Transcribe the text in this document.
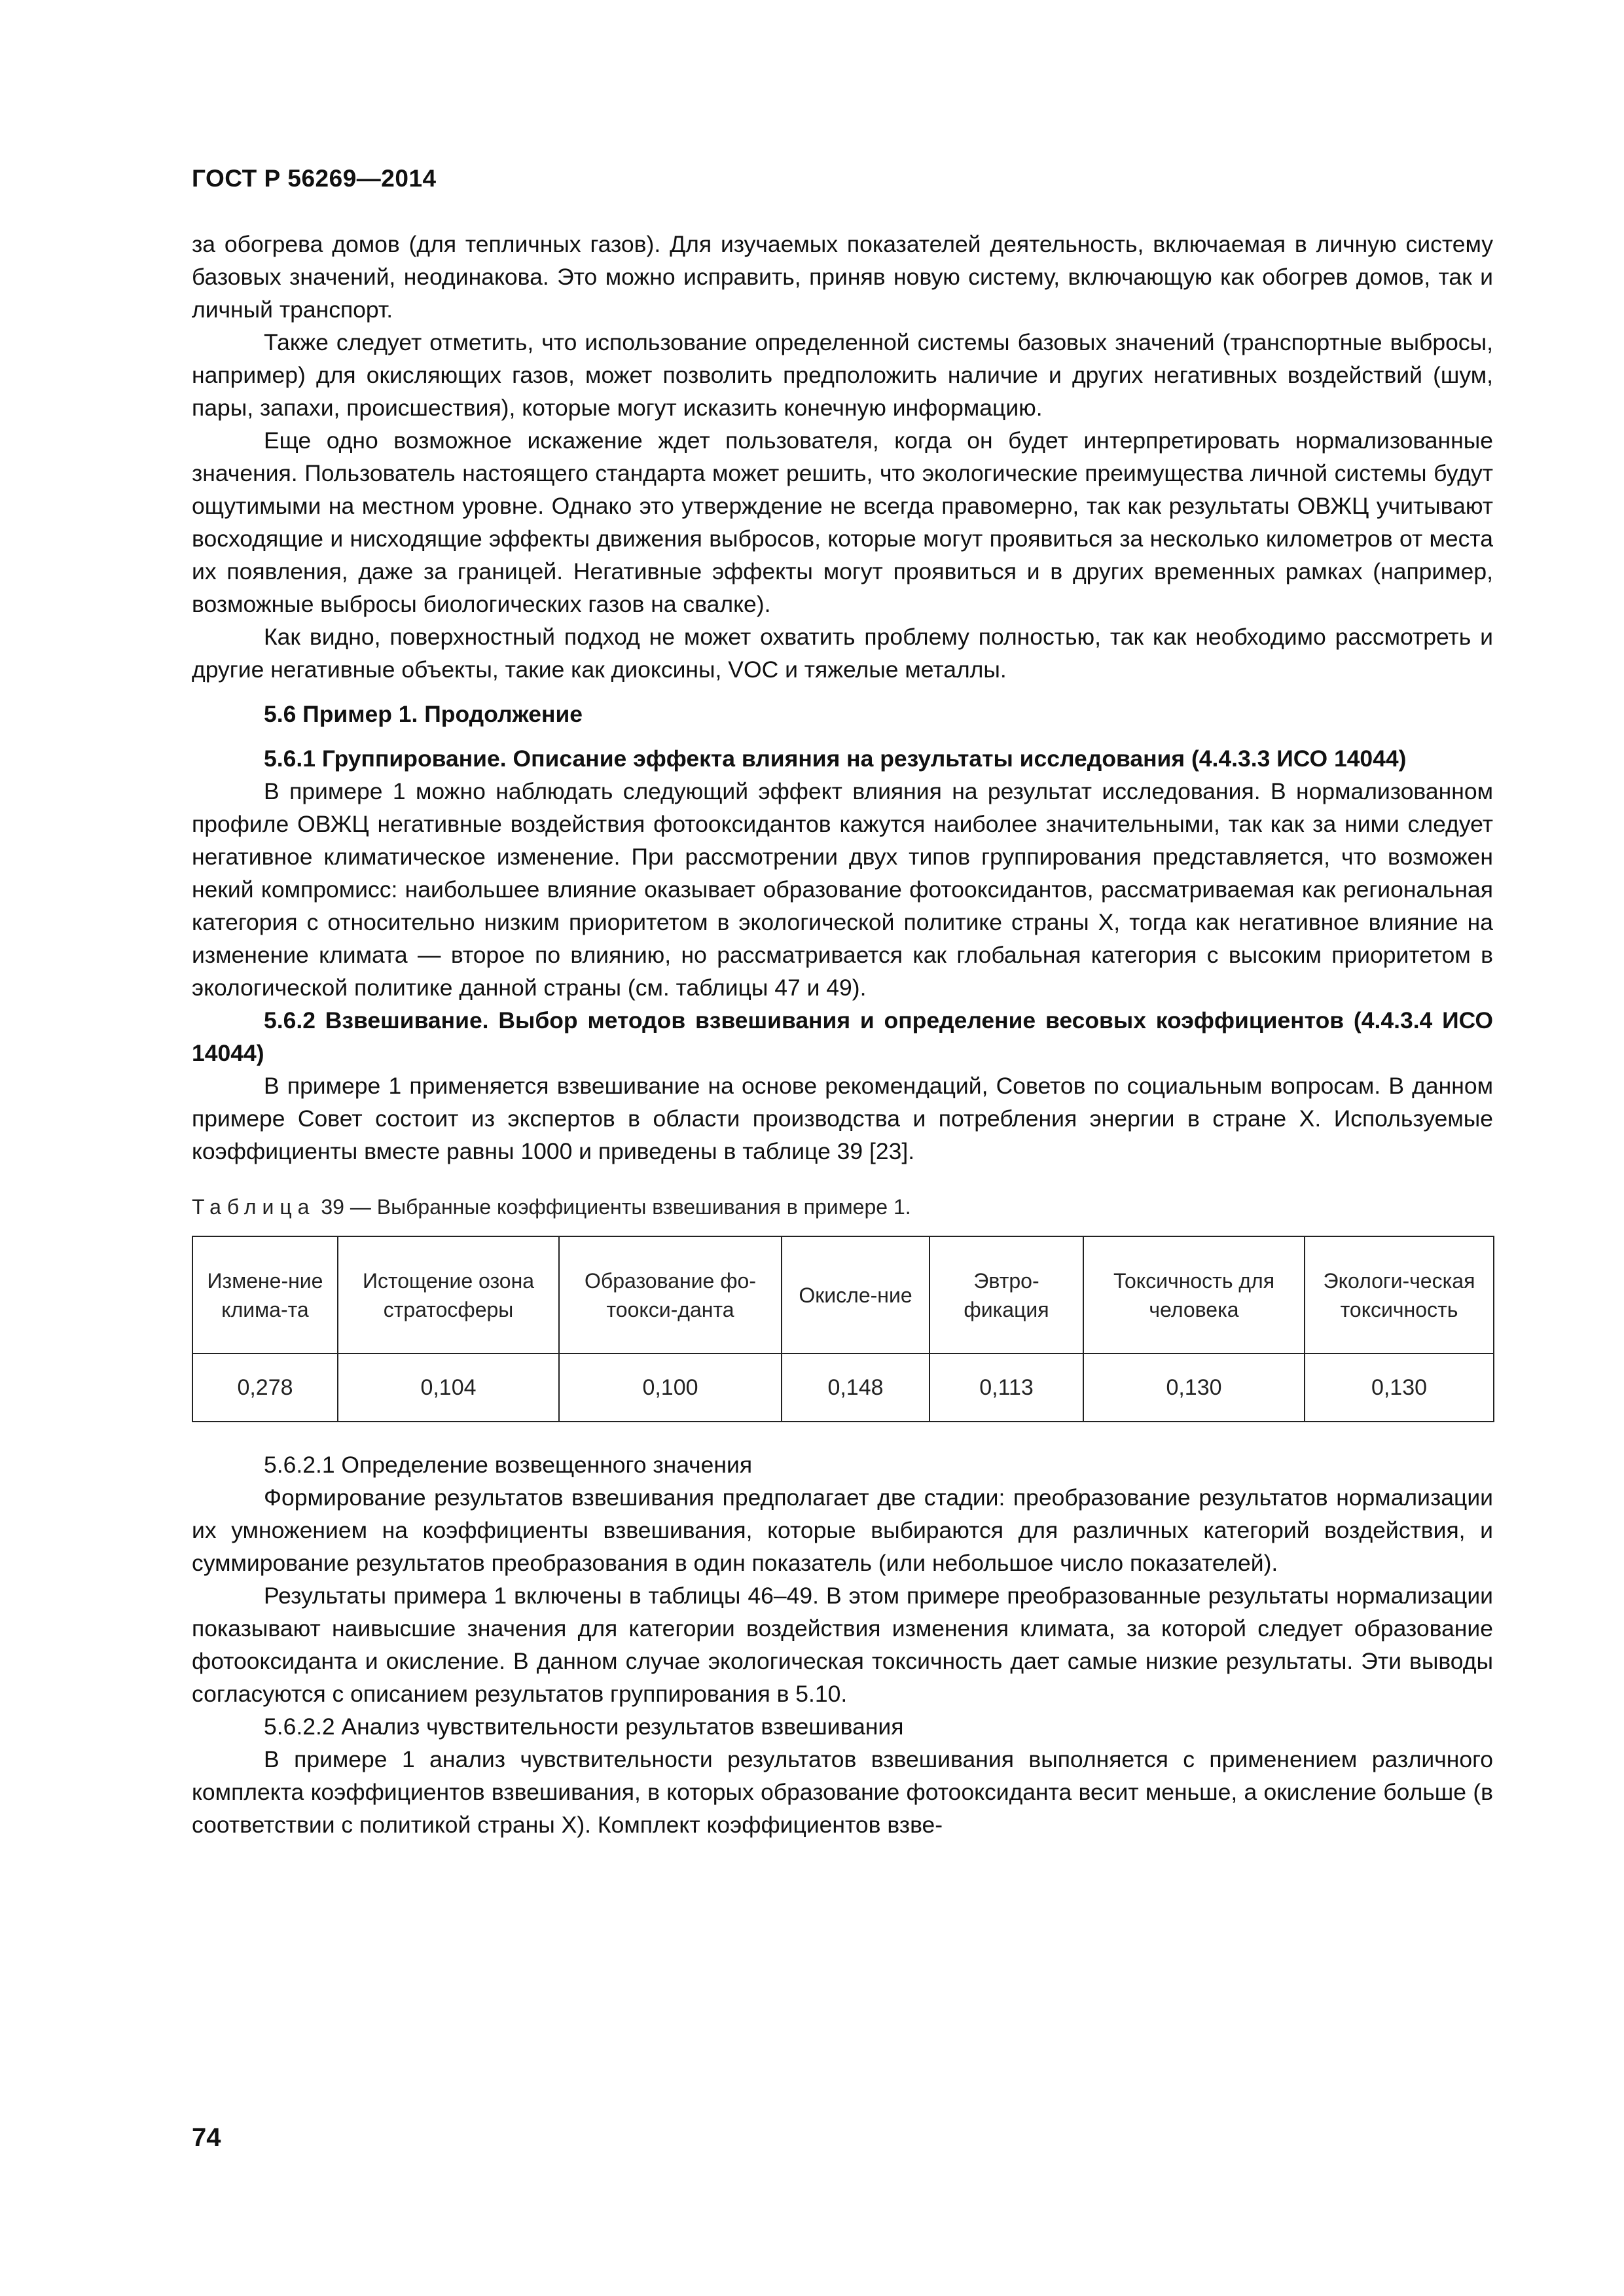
ГОСТ Р 56269—2014

за обогрева домов (для тепличных газов). Для изучаемых показателей деятельность, включаемая в личную систему базовых значений, неодинакова. Это можно исправить, приняв новую систему, включающую как обогрев домов, так и личный транспорт.

Также следует отметить, что использование определенной системы базовых значений (транспортные выбросы, например) для окисляющих газов, может позволить предположить наличие и других негативных воздействий (шум, пары, запахи, происшествия), которые могут исказить конечную информацию.

Еще одно возможное искажение ждет пользователя, когда он будет интерпретировать нормализованные значения. Пользователь настоящего стандарта может решить, что экологические преимущества личной системы будут ощутимыми на местном уровне. Однако это утверждение не всегда правомерно, так как результаты ОВЖЦ учитывают восходящие и нисходящие эффекты движения выбросов, которые могут проявиться за несколько километров от места их появления, даже за границей. Негативные эффекты могут проявиться и в других временных рамках (например, возможные выбросы биологических газов на свалке).

Как видно, поверхностный подход не может охватить проблему полностью, так как необходимо рассмотреть и другие негативные объекты, такие как диоксины, VOC и тяжелые металлы.

5.6 Пример 1. Продолжение

5.6.1 Группирование. Описание эффекта влияния на результаты исследования (4.4.3.3 ИСО 14044)

В примере 1 можно наблюдать следующий эффект влияния на результат исследования. В нормализованном профиле ОВЖЦ негативные воздействия фотооксидантов кажутся наиболее значительными, так как за ними следует негативное климатическое изменение. При рассмотрении двух типов группирования представляется, что возможен некий компромисс: наибольшее влияние оказывает образование фотооксидантов, рассматриваемая как региональная категория с относительно низким приоритетом в экологической политике страны Х, тогда как негативное влияние на изменение климата — второе по влиянию, но рассматривается как глобальная категория с высоким приоритетом в экологической политике данной страны (см. таблицы 47 и 49).

5.6.2 Взвешивание. Выбор методов взвешивания и определение весовых коэффициентов (4.4.3.4 ИСО 14044)

В примере 1 применяется взвешивание на основе рекомендаций, Советов по социальным вопросам. В данном примере Совет состоит из экспертов в области производства и потребления энергии в стране Х. Используемые коэффициенты вместе равны 1000 и приведены в таблице 39 [23].

Таблица 39 — Выбранные коэффициенты взвешивания в примере 1.

Измене-ние клима-та	Истощение озона стратосферы	Образование фо-тоокси-данта	Окисле-ние	Эвтро-фикация	Токсичность для человека	Экологи-ческая токсичность
0,278	0,104	0,100	0,148	0,113	0,130	0,130

5.6.2.1 Определение возвещенного значения

Формирование результатов взвешивания предполагает две стадии: преобразование результатов нормализации их умножением на коэффициенты взвешивания, которые выбираются для различных категорий воздействия, и суммирование результатов преобразования в один показатель (или небольшое число показателей).

Результаты примера 1 включены в таблицы 46–49. В этом примере преобразованные результаты нормализации показывают наивысшие значения для категории воздействия изменения климата, за которой следует образование фотооксиданта и окисление. В данном случае экологическая токсичность дает самые низкие результаты. Эти выводы согласуются с описанием результатов группирования в 5.10.

5.6.2.2 Анализ чувствительности результатов взвешивания

В примере 1 анализ чувствительности результатов взвешивания выполняется с применением различного комплекта коэффициентов взвешивания, в которых образование фотооксиданта весит меньше, а окисление больше (в соответствии с политикой страны Х). Комплект коэффициентов взве-

74
